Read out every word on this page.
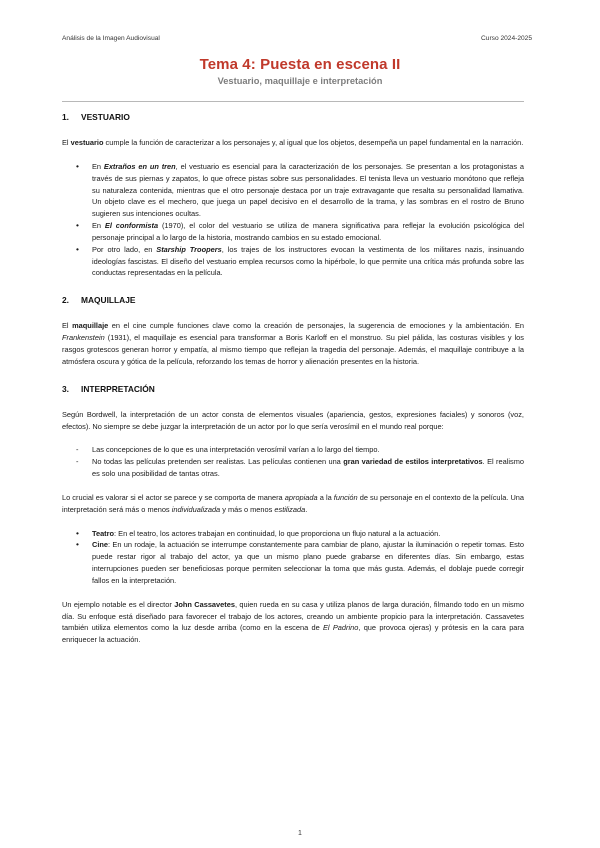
Análisis de la Imagen Audiovisual	Curso 2024-2025
Tema 4: Puesta en escena II
Vestuario, maquillaje e interpretación
1. VESTUARIO

El vestuario cumple la función de caracterizar a los personajes y, al igual que los objetos, desempeña un papel fundamental en la narración.

• En Extraños en un tren, el vestuario es esencial para la caracterización de los personajes. Se presentan a los protagonistas a través de sus piernas y zapatos, lo que ofrece pistas sobre sus personalidades. El tenista lleva un vestuario monótono que refleja su naturaleza contenida, mientras que el otro personaje destaca por un traje extravagante que resalta su personalidad llamativa. Un objeto clave es el mechero, que juega un papel decisivo en el desarrollo de la trama, y las sombras en el rostro de Bruno sugieren sus intenciones ocultas.
• En El conformista (1970), el color del vestuario se utiliza de manera significativa para reflejar la evolución psicológica del personaje principal a lo largo de la historia, mostrando cambios en su estado emocional.
• Por otro lado, en Starship Troopers, los trajes de los instructores evocan la vestimenta de los militares nazis, insinuando ideologías fascistas. El diseño del vestuario emplea recursos como la hipérbole, lo que permite una crítica más profunda sobre las conductas representadas en la película.
2. MAQUILLAJE

El maquillaje en el cine cumple funciones clave como la creación de personajes, la sugerencia de emociones y la ambientación. En Frankenstein (1931), el maquillaje es esencial para transformar a Boris Karloff en el monstruo. Su piel pálida, las costuras visibles y los rasgos grotescos generan horror y empatía, al mismo tiempo que reflejan la tragedia del personaje. Además, el maquillaje contribuye a la atmósfera oscura y gótica de la película, reforzando los temas de horror y alienación presentes en la historia.

3. INTERPRETACIÓN

Según Bordwell, la interpretación de un actor consta de elementos visuales (apariencia, gestos, expresiones faciales) y sonoros (voz, efectos). No siempre se debe juzgar la interpretación de un actor por lo que sería verosímil en el mundo real porque:

- Las concepciones de lo que es una interpretación verosímil varían a lo largo del tiempo.
- No todas las películas pretenden ser realistas. Las películas contienen una gran variedad de estilos interpretativos. El realismo es solo una posibilidad de tantas otras.

Lo crucial es valorar si el actor se parece y se comporta de manera apropiada a la función de su personaje en el contexto de la película. Una interpretación será más o menos individualizada y más o menos estilizada.

• Teatro: En el teatro, los actores trabajan en continuidad, lo que proporciona un flujo natural a la actuación.
• Cine: En un rodaje, la actuación se interrumpe constantemente para cambiar de plano, ajustar la iluminación o repetir tomas. Esto puede restar rigor al trabajo del actor, ya que un mismo plano puede grabarse en diferentes días. Sin embargo, estas interrupciones pueden ser beneficiosas porque permiten seleccionar la toma que más gusta. Además, el doblaje puede corregir fallos en la interpretación.

Un ejemplo notable es el director John Cassavetes, quien rueda en su casa y utiliza planos de larga duración, filmando todo en un mismo día. Su enfoque está diseñado para favorecer el trabajo de los actores, creando un ambiente propicio para la interpretación. Cassavetes también utiliza elementos como la luz desde arriba (como en la escena de El Padrino, que provoca ojeras) y prótesis en la cara para enriquecer la actuación.

1
